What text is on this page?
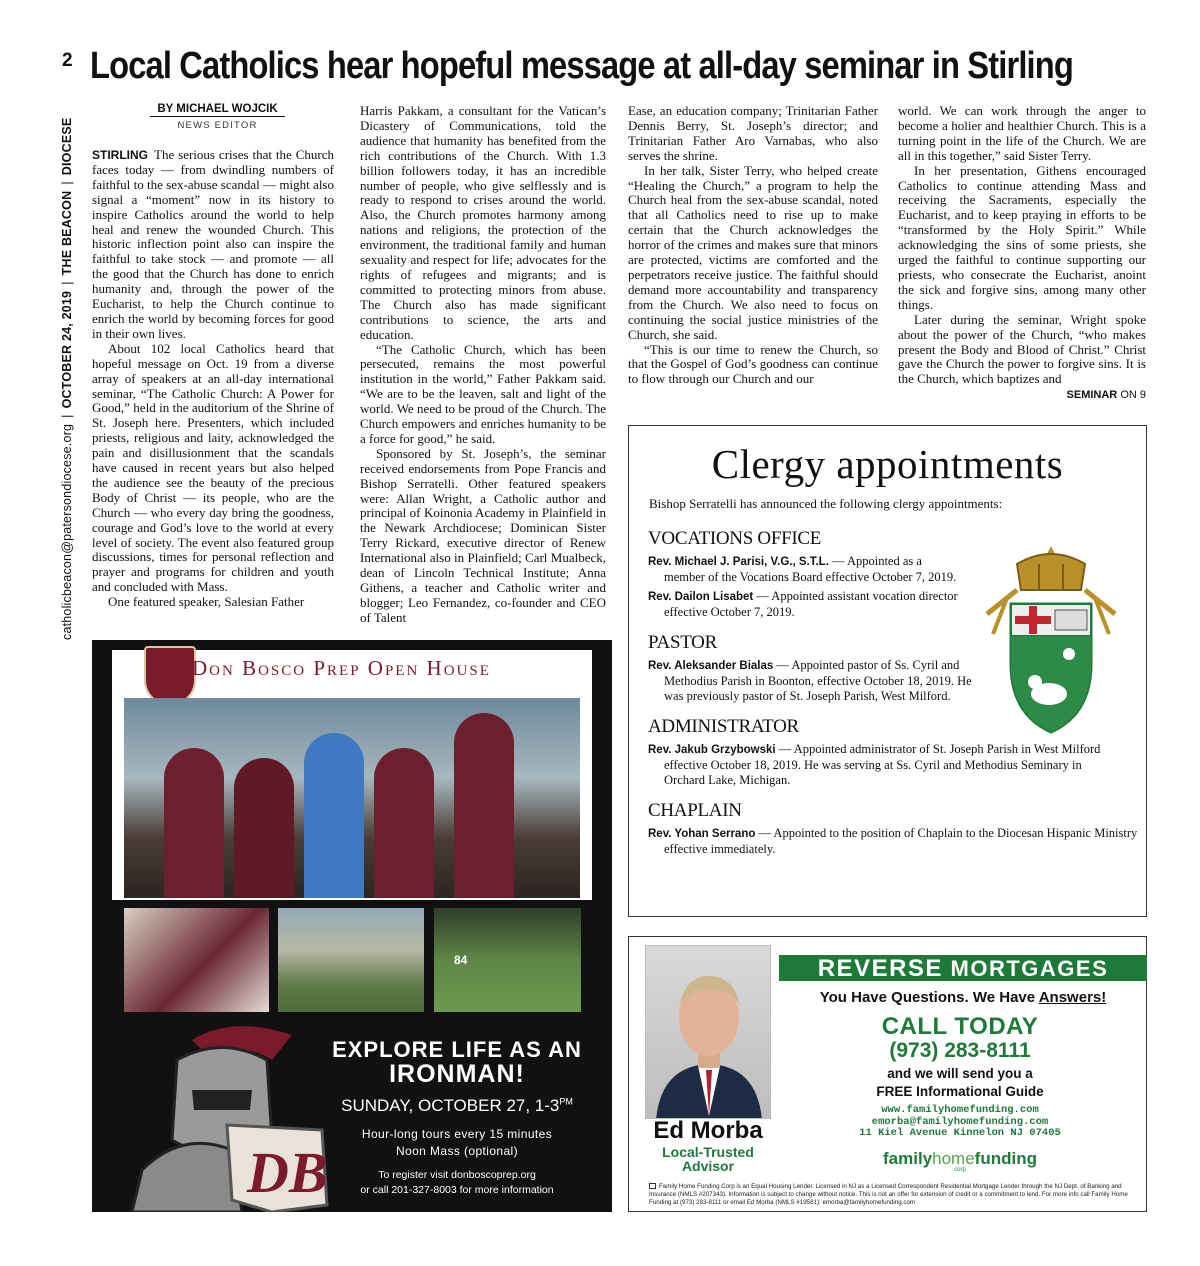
2
catholicbeacon@patersondiocese.org
|
OCTOBER 24, 2019
|
THE BEACON
|
DIOCESE
Local Catholics hear hopeful message at all-day seminar in Stirling
BY MICHAEL WOJCIK
NEWS EDITOR

STIRLING The serious crises that the Church faces today — from dwindling numbers of faithful to the sex-abuse scandal — might also signal a “moment” now in its history to inspire Catholics around the world to help heal and renew the wounded Church. This historic inflection point also can inspire the faithful to take stock — and promote — all the good that the Church has done to enrich humanity and, through the power of the Eucharist, to help the Church continue to enrich the world by becoming forces for good in their own lives.

About 102 local Catholics heard that hopeful message on Oct. 19 from a diverse array of speakers at an all-day international seminar, “The Catholic Church: A Power for Good,” held in the auditorium of the Shrine of St. Joseph here. Presenters, which included priests, religious and laity, acknowledged the pain and disillusionment that the scandals have caused in recent years but also helped the audience see the beauty of the precious Body of Christ — its people, who are the Church — who every day bring the goodness, courage and God’s love to the world at every level of society. The event also featured group discussions, times for personal reflection and prayer and programs for children and youth and concluded with Mass.

One featured speaker, Salesian Father

Harris Pakkam, a consultant for the Vatican’s Dicastery of Communications, told the audience that humanity has benefited from the rich contributions of the Church. With 1.3 billion followers today, it has an incredible number of people, who give selflessly and is ready to respond to crises around the world. Also, the Church promotes harmony among nations and religions, the protection of the environment, the traditional family and human sexuality and respect for life; advocates for the rights of refugees and migrants; and is committed to protecting minors from abuse. The Church also has made significant contributions to science, the arts and education.

“The Catholic Church, which has been persecuted, remains the most powerful institution in the world,” Father Pakkam said. “We are to be the leaven, salt and light of the world. We need to be proud of the Church. The Church empowers and enriches humanity to be a force for good,” he said.

Sponsored by St. Joseph’s, the seminar received endorsements from Pope Francis and Bishop Serratelli. Other featured speakers were: Allan Wright, a Catholic author and principal of Koinonia Academy in Plainfield in the Newark Archdiocese; Dominican Sister Terry Rickard, executive director of Renew International also in Plainfield; Carl Mualbeck, dean of Lincoln Technical Institute; Anna Githens, a teacher and Catholic writer and blogger; Leo Fernandez, co-founder and CEO of Talent

Ease, an education company; Trinitarian Father Dennis Berry, St. Joseph’s director; and Trinitarian Father Aro Varnabas, who also serves the shrine.

In her talk, Sister Terry, who helped create “Healing the Church,” a program to help the Church heal from the sex-abuse scandal, noted that all Catholics need to rise up to make certain that the Church acknowledges the horror of the crimes and makes sure that minors are protected, victims are comforted and the perpetrators receive justice. The faithful should demand more accountability and transparency from the Church. We also need to focus on continuing the social justice ministries of the Church, she said.

“This is our time to renew the Church, so that the Gospel of God’s goodness can continue to flow through our Church and our

world. We can work through the anger to become a holier and healthier Church. This is a turning point in the life of the Church. We are all in this together,” said Sister Terry.

In her presentation, Githens encouraged Catholics to continue attending Mass and receiving the Sacraments, especially the Eucharist, and to keep praying in efforts to be “transformed by the Holy Spirit.” While acknowledging the sins of some priests, she urged the faithful to continue supporting our priests, who consecrate the Eucharist, anoint the sick and forgive sins, among many other things.

Later during the seminar, Wright spoke about the power of the Church, “who makes present the Body and Blood of Christ.” Christ gave the Church the power to forgive sins. It is the Church, which baptizes and

SEMINAR ON 9
Don Bosco Prep Open House
84
DB
EXPLORE LIFE AS AN
IRONMAN!
SUNDAY, OCTOBER 27, $1-3^{PM}$
Hour-long tours every 15 minutes
Noon Mass (optional)
To register visit donboscoprep.org
or call 201-327-8003 for more information
Clergy appointments
Bishop Serratelli has announced the following clergy appointments:
VOCATIONS OFFICE
Rev. Michael J. Parisi, V.G., S.T.L. — Appointed as a member of the Vocations Board effective October 7, 2019.
Rev. Dailon Lisabet — Appointed assistant vocation director effective October 7, 2019.
PASTOR
Rev. Aleksander Bialas — Appointed pastor of Ss. Cyril and Methodius Parish in Boonton, effective October 18, 2019. He was previously pastor of St. Joseph Parish, West Milford.
ADMINISTRATOR
Rev. Jakub Grzybowski — Appointed administrator of St. Joseph Parish in West Milford effective October 18, 2019. He was serving at Ss. Cyril and Methodius Seminary in Orchard Lake, Michigan.
CHAPLAIN
Rev. Yohan Serrano — Appointed to the position of Chaplain to the Diocesan Hispanic Ministry effective immediately.
Ed Morba
Local-Trusted
Advisor
REVERSE MORTGAGES
You Have Questions. We Have Answers!
CALL TODAY
(973) 283-8111
and we will send you a
FREE Informational Guide
www.familyhomefunding.com
emorba@familyhomefunding.com
11 Kiel Avenue Kinnelon NJ 07405
familyhomefunding
corp
Family Home Funding Corp is an Equal Housing Lender. Licensed in NJ as a Licensed Correspondent Residential Mortgage Lender through the NJ Dept. of Banking and Insurance (NMLS #207343). Information is subject to change without notice. This is not an offer for extension of credit or a commitment to lend. For more info call Family Home Funding at (973) 283-8111 or email Ed Morba (NMLS #19581): emorba@familyhomefunding.com
